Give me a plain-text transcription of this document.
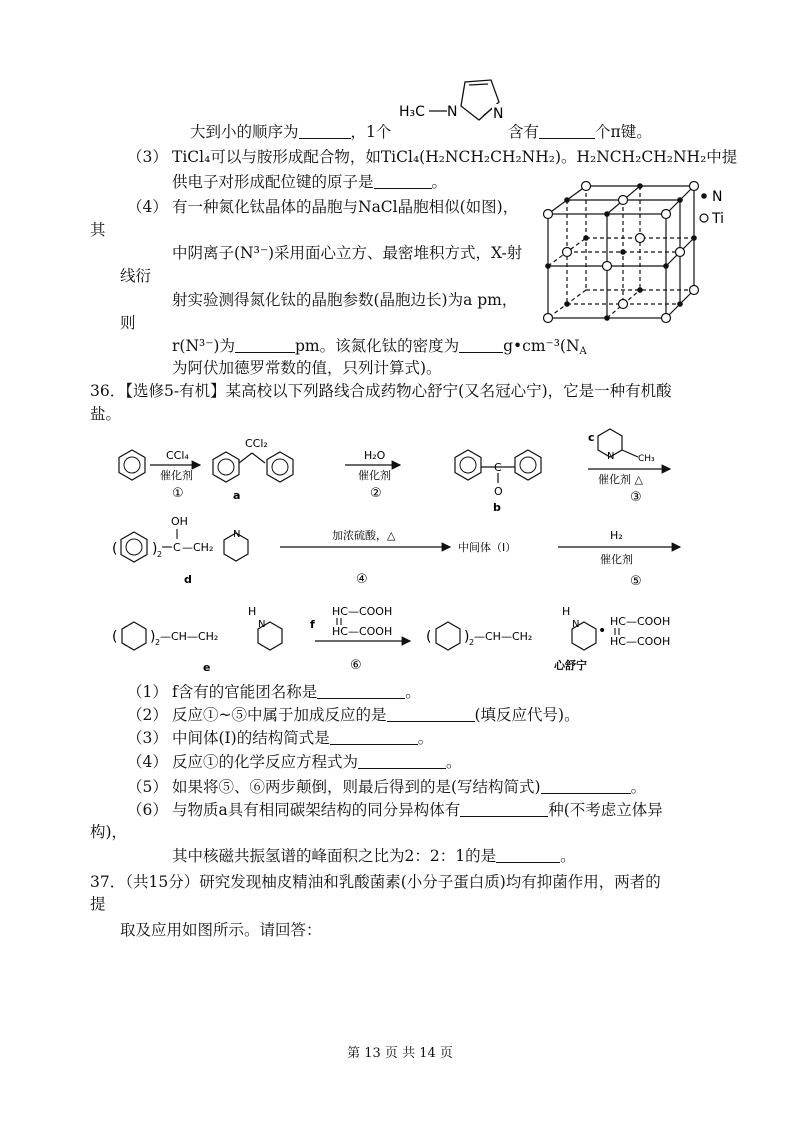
大到小的顺序为	，1个	含有	个π键。
H₃C N	N
（3） TiCl₄可以与胺形成配合物，如TiCl₄(H₂NCH₂CH₂NH₂)。H₂NCH₂CH₂NH₂中提
供电子对形成配位键的原子是	。
（4） 有一种氮化钛晶体的晶胞与NaCl晶胞相似(如图)，
其
中阴离子(N³⁻)采用面心立方、最密堆积方式，X-射
线衍
射实验测得氮化钛的晶胞参数(晶胞边长)为a pm，
则
r(N³⁻)为	pm。该氮化钛的密度为	$g•cm^{-3}(N_A$
为阿伏加德罗常数的值，只列计算式)。
N
Ti
36．【选修5-有机】某高校以下列路线合成药物心舒宁(又名冠心宁)，它是一种有机酸
盐。
CCl₄
催化剂
①
CCl₂
a
H₂O
催化剂
②
C
O
b
c
N	CH₃
催化剂 △
③
( ) 2
C
OH
—CH₂
N
d
加浓硫酸，△
④
中间体（Ⅰ）
H₂
催化剂
⑤
( ) 2 —CH—CH₂
H
N
e
f
HC—COOH
HC—COOH
⑥
( ) 2 —CH—CH₂
H
N •
HC—COOH
HC—COOH
心舒宁
（1） f含有的官能团名称是	。
（2） 反应①~⑤中属于加成反应的是	(填反应代号)。
（3） 中间体(Ⅰ)的结构简式是	。
（4） 反应①的化学反应方程式为	。
（5） 如果将⑤、⑥两步颠倒，则最后得到的是(写结构简式)	。
（6） 与物质a具有相同碳架结构的同分异构体有	种(不考虑立体异
构)，
其中核磁共振氢谱的峰面积之比为2：2：1的是	。
37．（共15分）研究发现柚皮精油和乳酸菌素(小分子蛋白质)均有抑菌作用，两者的
提
取及应用如图所示。请回答：
第 13 页 共 14 页
